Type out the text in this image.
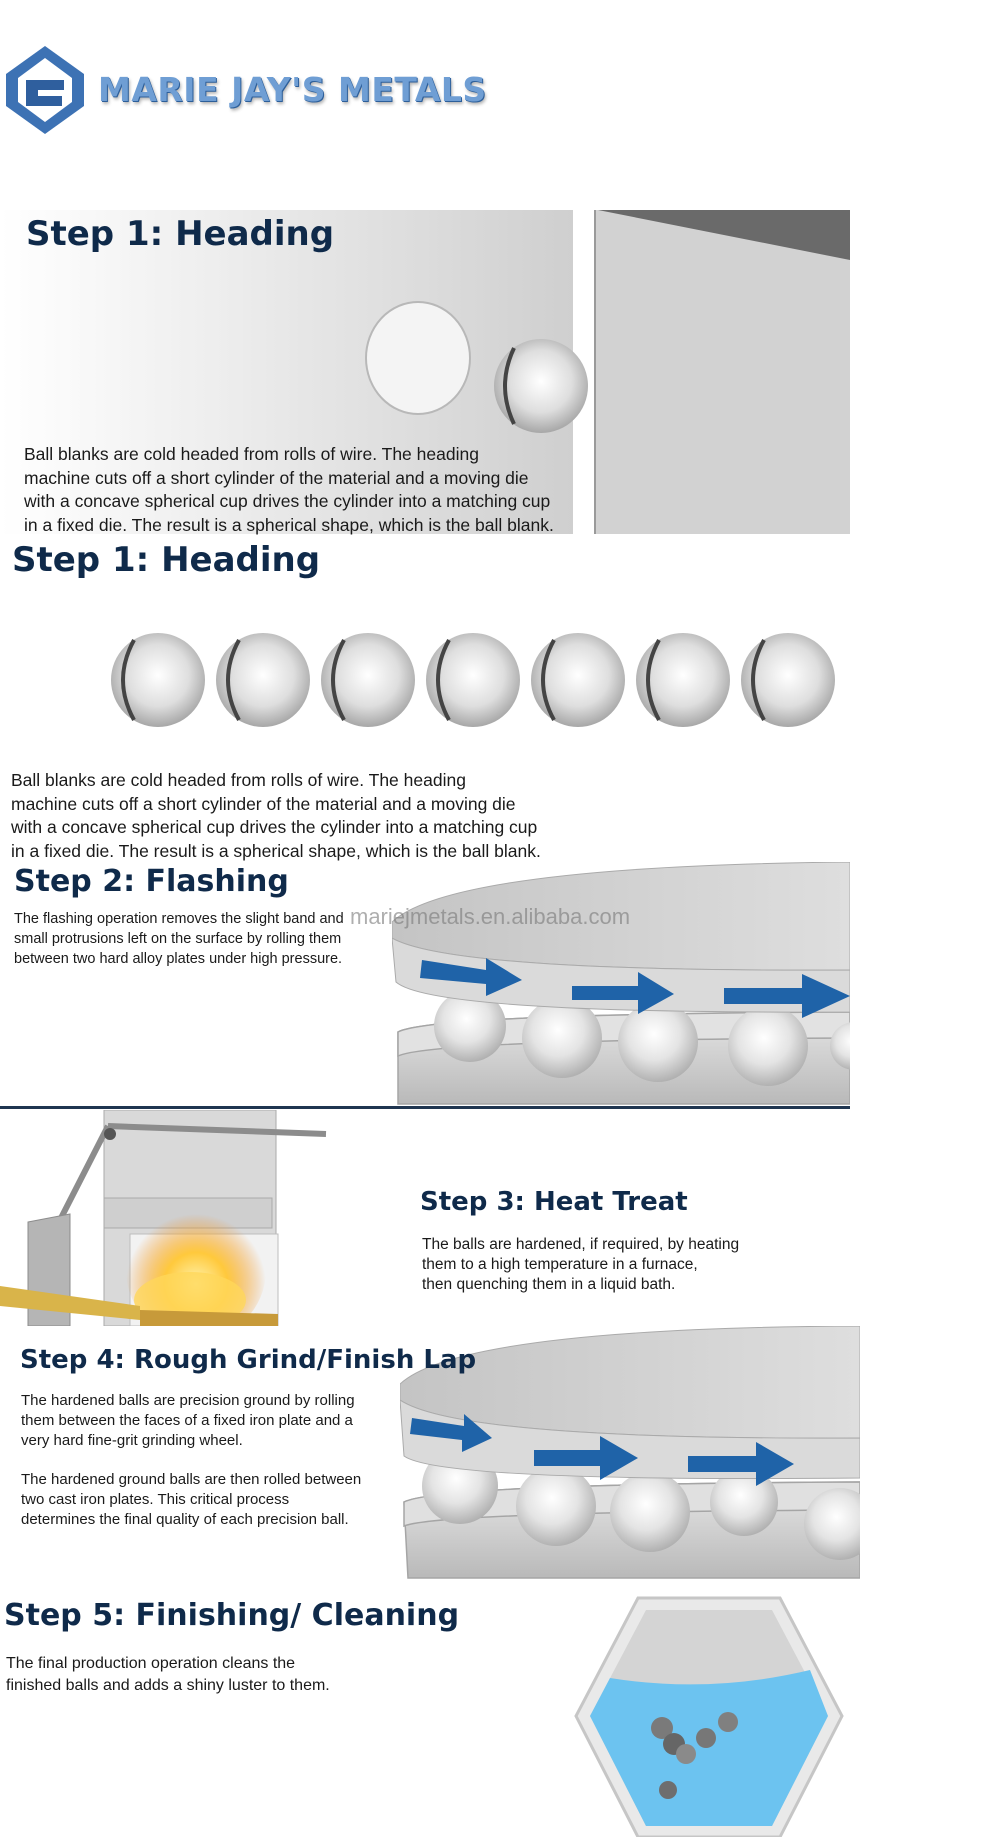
MARIE JAY'S METALS
Step 1: Heading
Ball blanks are cold headed from rolls of wire. The heading
machine cuts off a short cylinder of the material and a moving die
with a concave spherical cup drives the cylinder into a matching cup
in a fixed die. The result is a spherical shape, which is the ball blank.
Step 1: Heading
Ball blanks are cold headed from rolls of wire. The heading
machine cuts off a short cylinder of the material and a moving die
with a concave spherical cup drives the cylinder into a matching cup
in a fixed die. The result is a spherical shape, which is the ball blank.
Step 2: Flashing
The flashing operation removes the slight band and
small protrusions left on the surface by rolling them
between two hard alloy plates under high pressure.
mariejmetals.en.alibaba.com
Step 3: Heat Treat
The balls are hardened, if required, by heating
them to a high temperature in a furnace,
then quenching them in a liquid bath.
Step 4: Rough Grind/Finish Lap
The hardened balls are precision ground by rolling
them between the faces of a fixed iron plate and a
very hard fine-grit grinding wheel.
The hardened ground balls are then rolled between
two cast iron plates. This critical process
determines the final quality of each precision ball.
Step 5: Finishing/ Cleaning
The final production operation cleans the
finished balls and adds a shiny luster to them.
